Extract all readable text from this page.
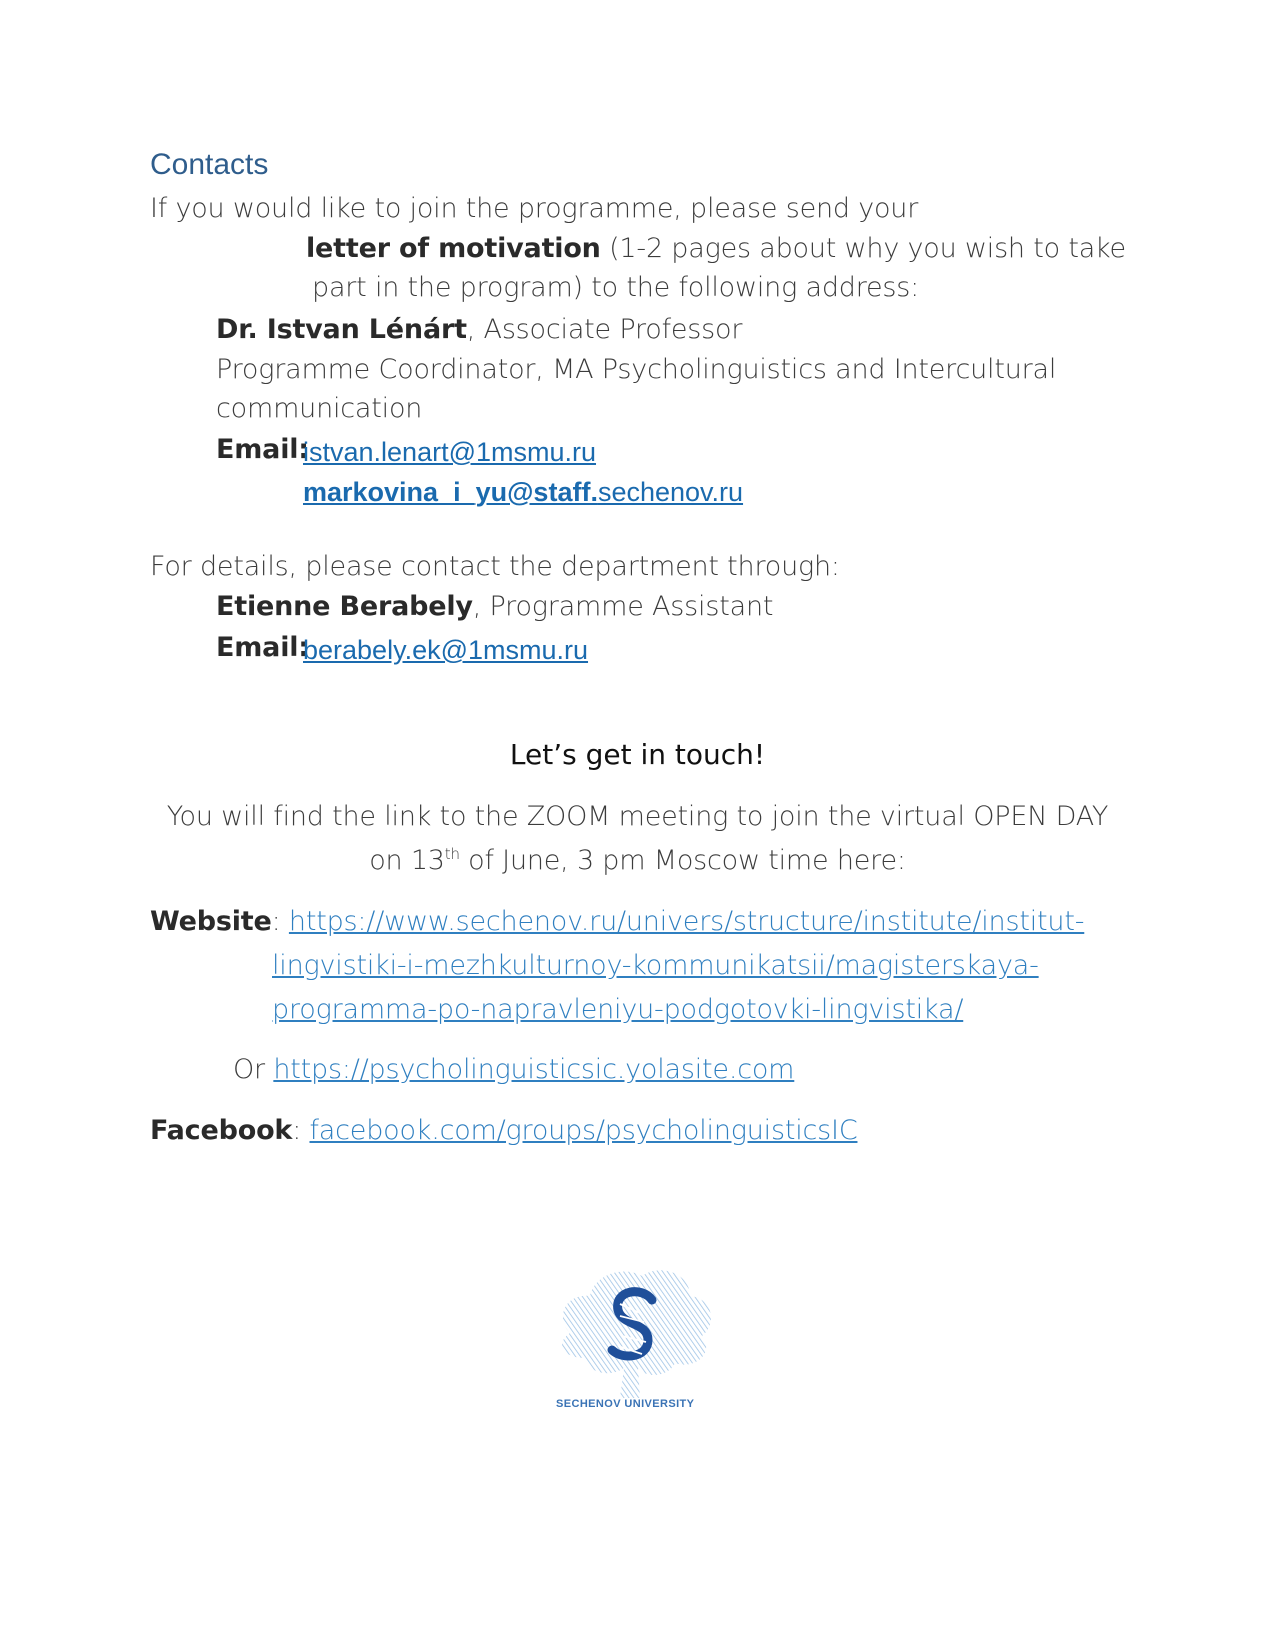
Contacts
If you would like to join the programme, please send your
letter of motivation (1-2 pages about why you wish to take
part in the program) to the following address:
Dr. Istvan Lénárt, Associate Professor
Programme Coordinator, MA Psycholinguistics and Intercultural
communication
Email:
istvan.lenart@1msmu.ru
markovina_i_yu@staff.sechenov.ru
For details, please contact the department through:
Etienne Berabely, Programme Assistant
Email:
berabely.ek@1msmu.ru
Let’s get in touch!
You will find the link to the ZOOM meeting to join the virtual OPEN DAY
on 13th of June, 3 pm Moscow time here:
Website: https://www.sechenov.ru/univers/structure/institute/institut-
lingvistiki-i-mezhkulturnoy-kommunikatsii/magisterskaya-
programma-po-napravleniyu-podgotovki-lingvistika/
Or https://psycholinguisticsic.yolasite.com
Facebook: facebook.com/groups/psycholinguisticsIC
SECHENOV UNIVERSITY
